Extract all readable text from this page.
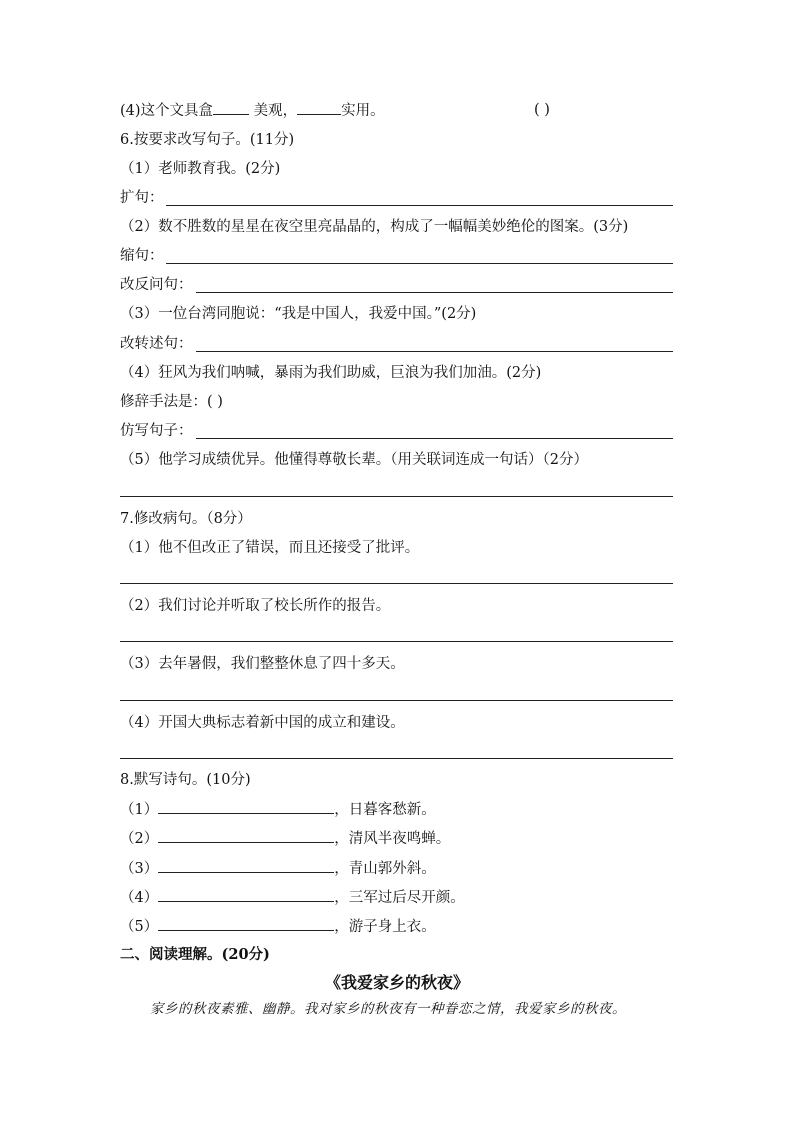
(4)这个文具盒 美观，	实用。	( )
6.按要求改写句子。(11分)
（1）老师教育我。(2分)
扩句：
（2）数不胜数的星星在夜空里亮晶晶的，构成了一幅幅美妙绝伦的图案。(3分)
缩句：
改反问句：
（3）一位台湾同胞说：“我是中国人，我爱中国。”(2分)
改转述句：
（4）狂风为我们呐喊，暴雨为我们助威，巨浪为我们加油。(2分)
修辞手法是：( )
仿写句子：
（5）他学习成绩优异。他懂得尊敬长辈。（用关联词连成一句话）（2分）
7.修改病句。（8分）
（1）他不但改正了错误，而且还接受了批评。
（2）我们讨论并听取了校长所作的报告。
（3）去年暑假，我们整整休息了四十多天。
（4）开国大典标志着新中国的成立和建设。
8.默写诗句。(10分)
（1）	，日暮客愁新。
（2）	，清风半夜鸣蝉。
（3）	，青山郭外斜。
（4）	，三军过后尽开颜。
（5）	，游子身上衣。
二、阅读理解。(20分)
《我爱家乡的秋夜》
家乡的秋夜素雅、幽静。我对家乡的秋夜有一种眷恋之情，我爱家乡的秋夜。
